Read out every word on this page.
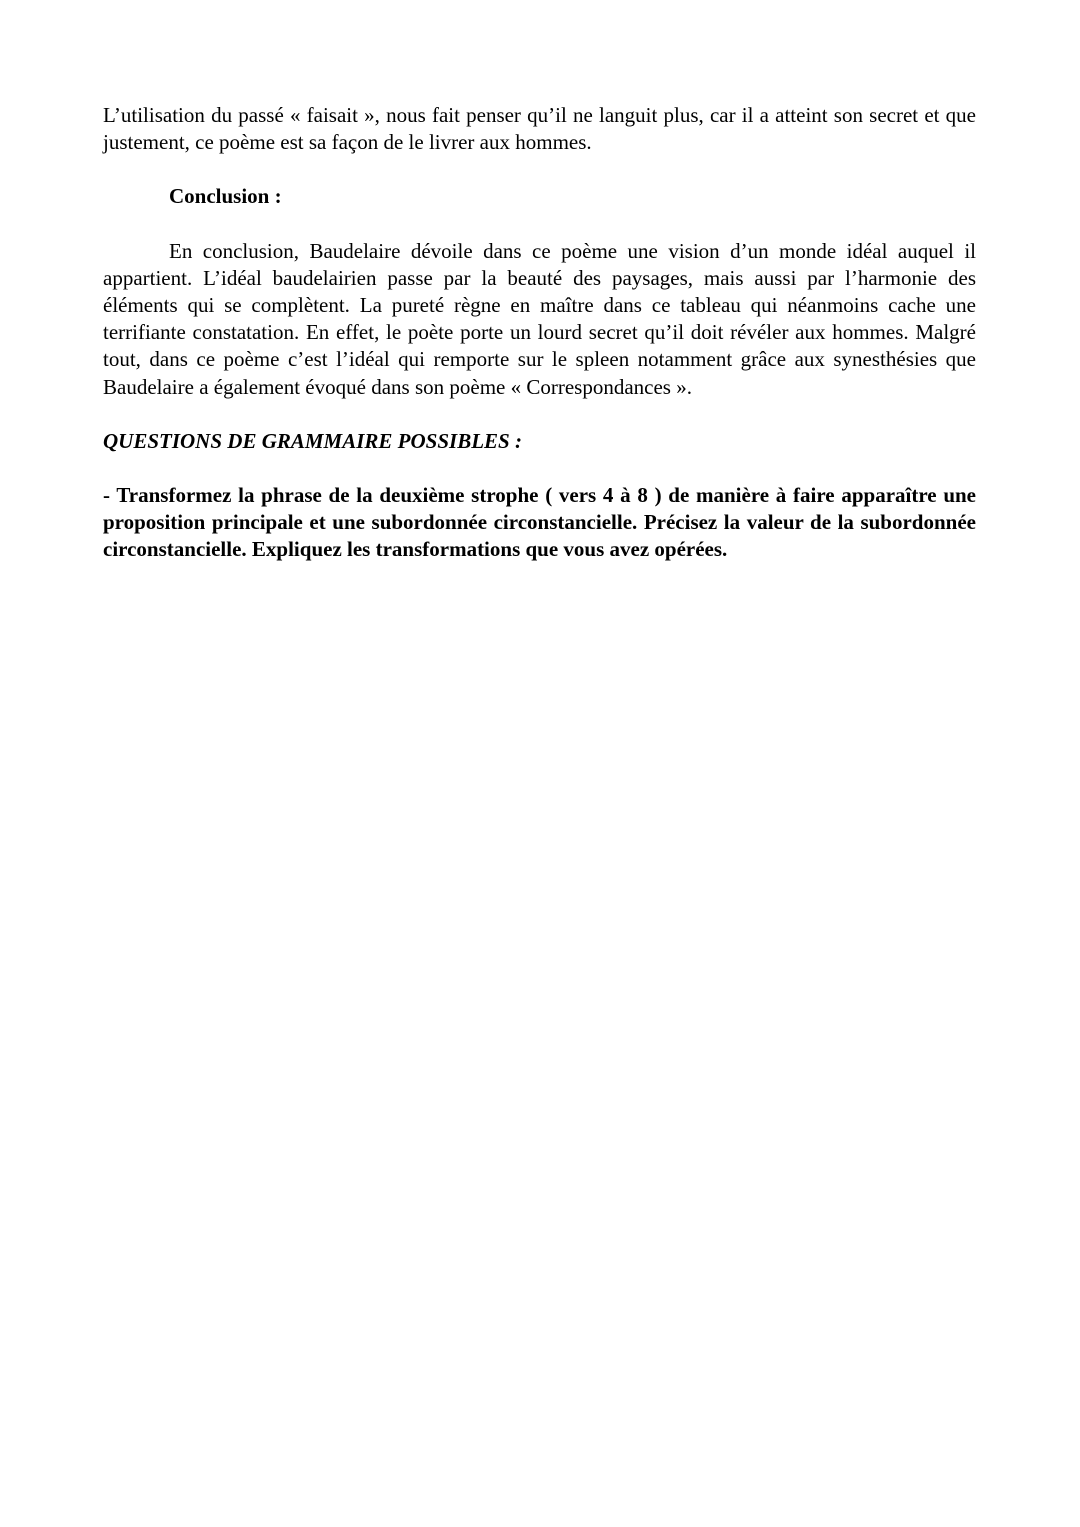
L’utilisation du passé « faisait », nous fait penser qu’il ne languit plus, car il a atteint son secret et que justement, ce poème est sa façon de le livrer aux hommes.

Conclusion :

En conclusion, Baudelaire dévoile dans ce poème une vision d’un monde idéal auquel il appartient. L’idéal baudelairien passe par la beauté des paysages, mais aussi par l’harmonie des éléments qui se complètent. La pureté règne en maître dans ce tableau qui néanmoins cache une terrifiante constatation. En effet, le poète porte un lourd secret qu’il doit révéler aux hommes. Malgré tout, dans ce poème c’est l’idéal qui remporte sur le spleen notamment grâce aux synesthésies que Baudelaire a également évoqué dans son poème « Correspondances ».

QUESTIONS DE GRAMMAIRE POSSIBLES :

- Transformez la phrase de la deuxième strophe ( vers 4 à 8 ) de manière à faire apparaître une proposition principale et une subordonnée circonstancielle. Précisez la valeur de la subordonnée circonstancielle. Expliquez les transformations que vous avez opérées.
